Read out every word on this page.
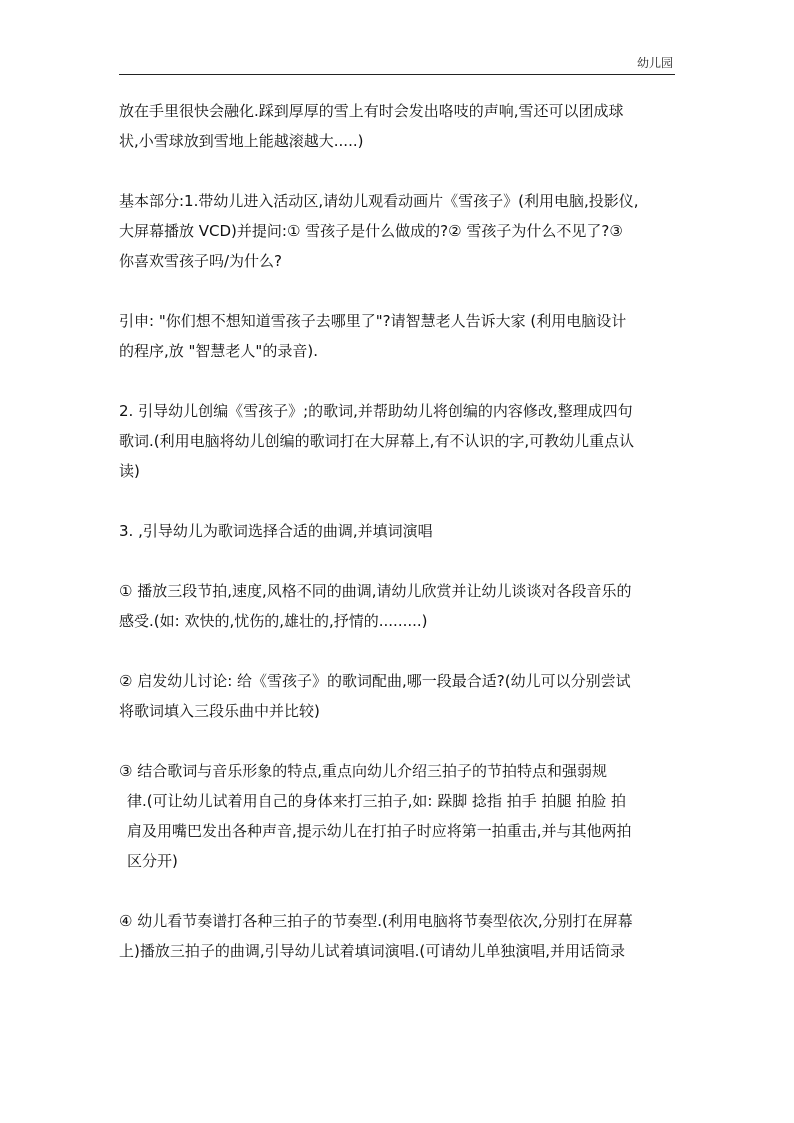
幼儿园

放在手里很快会融化.踩到厚厚的雪上有时会发出咯吱的声响,雪还可以团成球
状,小雪球放到雪地上能越滚越大.....)

基本部分:1.带幼儿进入活动区,请幼儿观看动画片《雪孩子》(利用电脑,投影仪,
大屏幕播放 VCD)并提问:① 雪孩子是什么做成的?② 雪孩子为什么不见了?③
你喜欢雪孩子吗/为什么?

引申: "你们想不想知道雪孩子去哪里了"?请智慧老人告诉大家 (利用电脑设计
的程序,放 "智慧老人"的录音).

2. 引导幼儿创编《雪孩子》;的歌词,并帮助幼儿将创编的内容修改,整理成四句
歌词.(利用电脑将幼儿创编的歌词打在大屏幕上,有不认识的字,可教幼儿重点认
读)

3. ,引导幼儿为歌词选择合适的曲调,并填词演唱

① 播放三段节拍,速度,风格不同的曲调,请幼儿欣赏并让幼儿谈谈对各段音乐的
感受.(如: 欢快的,忧伤的,雄壮的,抒情的.........)

② 启发幼儿讨论: 给《雪孩子》的歌词配曲,哪一段最合适?(幼儿可以分别尝试
将歌词填入三段乐曲中并比较)

③ 结合歌词与音乐形象的特点,重点向幼儿介绍三拍子的节拍特点和强弱规
律.(可让幼儿试着用自己的身体来打三拍子,如: 跺脚 捻指 拍手 拍腿 拍脸 拍
肩及用嘴巴发出各种声音,提示幼儿在打拍子时应将第一拍重击,并与其他两拍
区分开)

④ 幼儿看节奏谱打各种三拍子的节奏型.(利用电脑将节奏型依次,分别打在屏幕
上)播放三拍子的曲调,引导幼儿试着填词演唱.(可请幼儿单独演唱,并用话筒录
